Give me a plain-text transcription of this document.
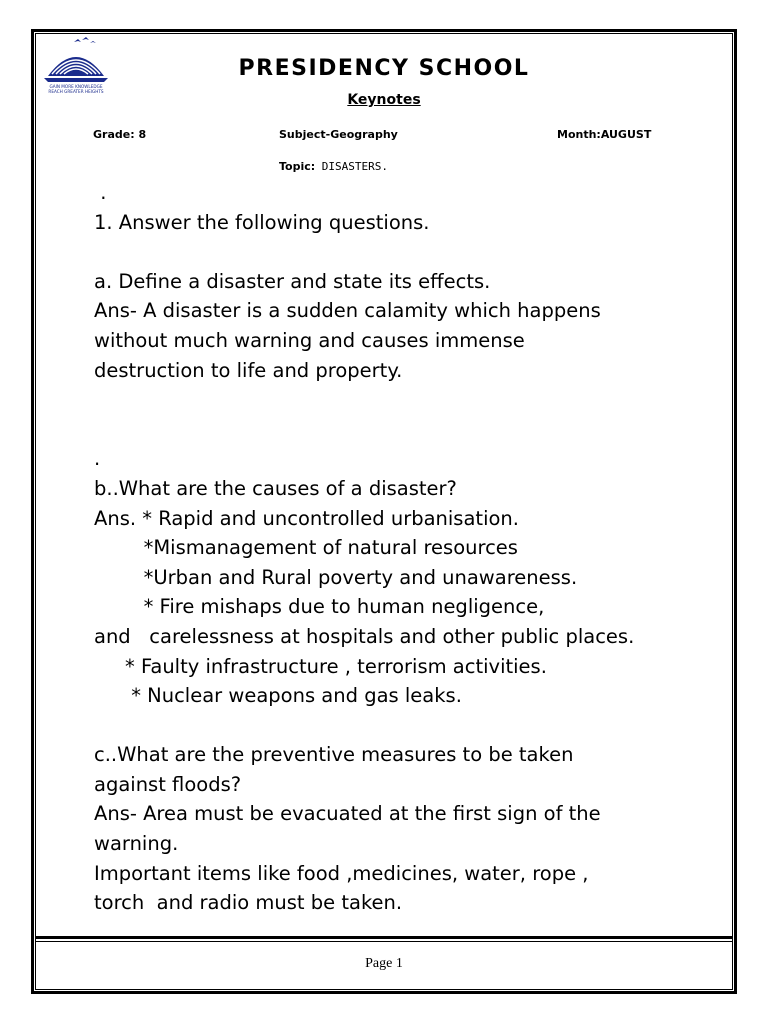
GAIN MORE KNOWLEDGE
REACH GREATER HEIGHTS
PRESIDENCY SCHOOL
Keynotes
Grade: 8	Subject-Geography	Month:AUGUST
Topic: DISASTERS.
.
1. Answer the following questions.
a. Define a disaster and state its effects.
Ans- A disaster is a sudden calamity which happens
without much warning and causes immense
destruction to life and property.
.
b..What are the causes of a disaster?
Ans. * Rapid and uncontrolled urbanisation.
*Mismanagement of natural resources
*Urban and Rural poverty and unawareness.
* Fire mishaps due to human negligence,
and   carelessness at hospitals and other public places.
* Faulty infrastructure , terrorism activities.
* Nuclear weapons and gas leaks.
c..What are the preventive measures to be taken
against floods?
Ans- Area must be evacuated at the first sign of the
warning.
Important items like food ,medicines, water, rope ,
torch  and radio must be taken.
Page 1
